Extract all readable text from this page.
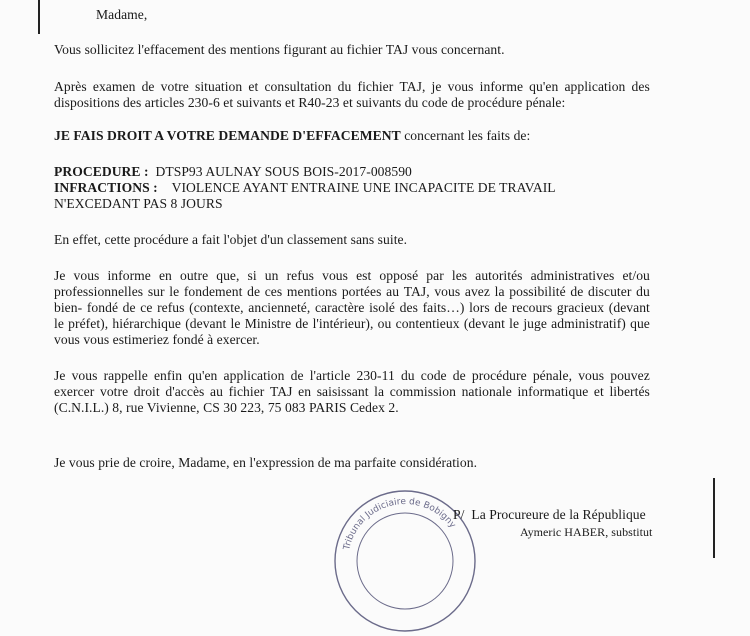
Madame,
Vous sollicitez l'effacement des mentions figurant au fichier TAJ vous concernant.
Après examen de votre situation et consultation du fichier TAJ, je vous informe qu'en application des
dispositions des articles 230-6 et suivants et R40-23 et suivants du code de procédure pénale:
JE FAIS DROIT A VOTRE DEMANDE D'EFFACEMENT concernant les faits de:
PROCEDURE :  DTSP93 AULNAY SOUS BOIS-2017-008590
INFRACTIONS :    VIOLENCE AYANT ENTRAINE UNE INCAPACITE DE TRAVAIL
N'EXCEDANT PAS 8 JOURS
En effet, cette procédure a fait l'objet d'un classement sans suite.
Je vous informe en outre que, si un refus vous est opposé par les autorités administratives et/ou
professionnelles sur le fondement de ces mentions portées au TAJ, vous avez la possibilité de discuter du
bien- fondé de ce refus (contexte, ancienneté, caractère isolé des faits…) lors de recours gracieux (devant
le préfet), hiérarchique (devant le Ministre de l'intérieur), ou contentieux (devant le juge administratif) que
vous vous estimeriez fondé à exercer.
Je vous rappelle enfin qu'en application de l'article 230-11 du code de procédure pénale, vous pouvez
exercer votre droit d'accès au fichier TAJ en saisissant la commission nationale informatique et libertés
(C.N.I.L.) 8, rue Vivienne, CS 30 223, 75 083 PARIS Cedex 2.
Je vous prie de croire, Madame, en l'expression de ma parfaite considération.
Tribunal Judiciaire de Bobigny
P/ La Procureure de la République
Aymeric HABER, substitut
